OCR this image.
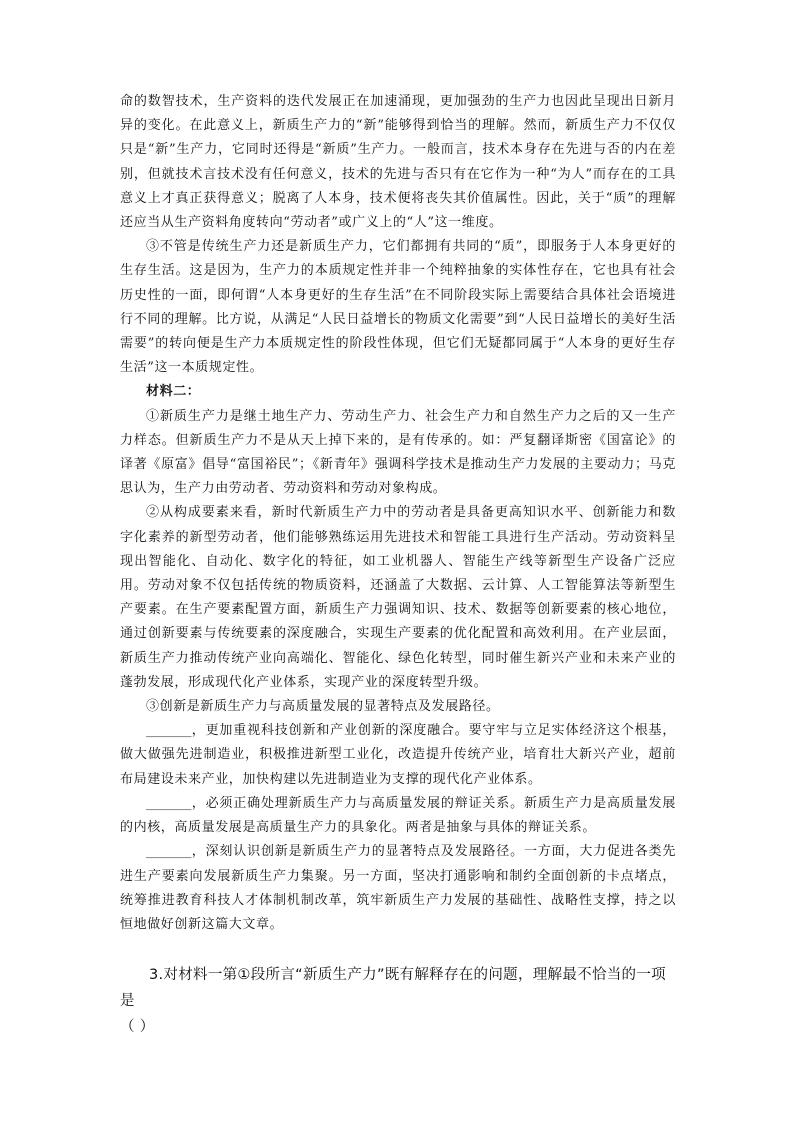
命的数智技术，生产资料的迭代发展正在加速涌现，更加强劲的生产力也因此呈现出日新月异的变化。在此意义上，新质生产力的“新”能够得到恰当的理解。然而，新质生产力不仅仅只是“新”生产力，它同时还得是“新质”生产力。一般而言，技术本身存在先进与否的内在差别，但就技术言技术没有任何意义，技术的先进与否只有在它作为一种“为人”而存在的工具意义上才真正获得意义；脱离了人本身，技术便将丧失其价值属性。因此，关于“质”的理解还应当从生产资料角度转向“劳动者”或广义上的“人”这一维度。

③不管是传统生产力还是新质生产力，它们都拥有共同的“质”，即服务于人本身更好的生存生活。这是因为，生产力的本质规定性并非一个纯粹抽象的实体性存在，它也具有社会历史性的一面，即何谓“人本身更好的生存生活”在不同阶段实际上需要结合具体社会语境进行不同的理解。比方说，从满足“人民日益增长的物质文化需要”到“人民日益增长的美好生活需要”的转向便是生产力本质规定性的阶段性体现，但它们无疑都同属于“人本身的更好生存生活”这一本质规定性。

材料二：

①新质生产力是继土地生产力、劳动生产力、社会生产力和自然生产力之后的又一生产力样态。但新质生产力不是从天上掉下来的，是有传承的。如：严复翻译斯密《国富论》的译著《原富》倡导“富国裕民”；《新青年》强调科学技术是推动生产力发展的主要动力；马克思认为，生产力由劳动者、劳动资料和劳动对象构成。

②从构成要素来看，新时代新质生产力中的劳动者是具备更高知识水平、创新能力和数字化素养的新型劳动者，他们能够熟练运用先进技术和智能工具进行生产活动。劳动资料呈现出智能化、自动化、数字化的特征，如工业机器人、智能生产线等新型生产设备广泛应用。劳动对象不仅包括传统的物质资料，还涵盖了大数据、云计算、人工智能算法等新型生产要素。在生产要素配置方面，新质生产力强调知识、技术、数据等创新要素的核心地位，通过创新要素与传统要素的深度融合，实现生产要素的优化配置和高效利用。在产业层面，新质生产力推动传统产业向高端化、智能化、绿色化转型，同时催生新兴产业和未来产业的蓬勃发展，形成现代化产业体系，实现产业的深度转型升级。

③创新是新质生产力与高质量发展的显著特点及发展路径。

_______，更加重视科技创新和产业创新的深度融合。要守牢与立足实体经济这个根基，做大做强先进制造业，积极推进新型工业化，改造提升传统产业，培育壮大新兴产业，超前布局建设未来产业，加快构建以先进制造业为支撑的现代化产业体系。

_______，必须正确处理新质生产力与高质量发展的辩证关系。新质生产力是高质量发展的内核，高质量发展是高质量生产力的具象化。两者是抽象与具体的辩证关系。

_______，深刻认识创新是新质生产力的显著特点及发展路径。一方面，大力促进各类先进生产要素向发展新质生产力集聚。另一方面，坚决打通影响和制约全面创新的卡点堵点，统筹推进教育科技人才体制机制改革，筑牢新质生产力发展的基础性、战略性支撑，持之以恒地做好创新这篇大文章。

3.对材料一第①段所言“新质生产力”既有解释存在的问题，理解最不恰当的一项是

（ ）
